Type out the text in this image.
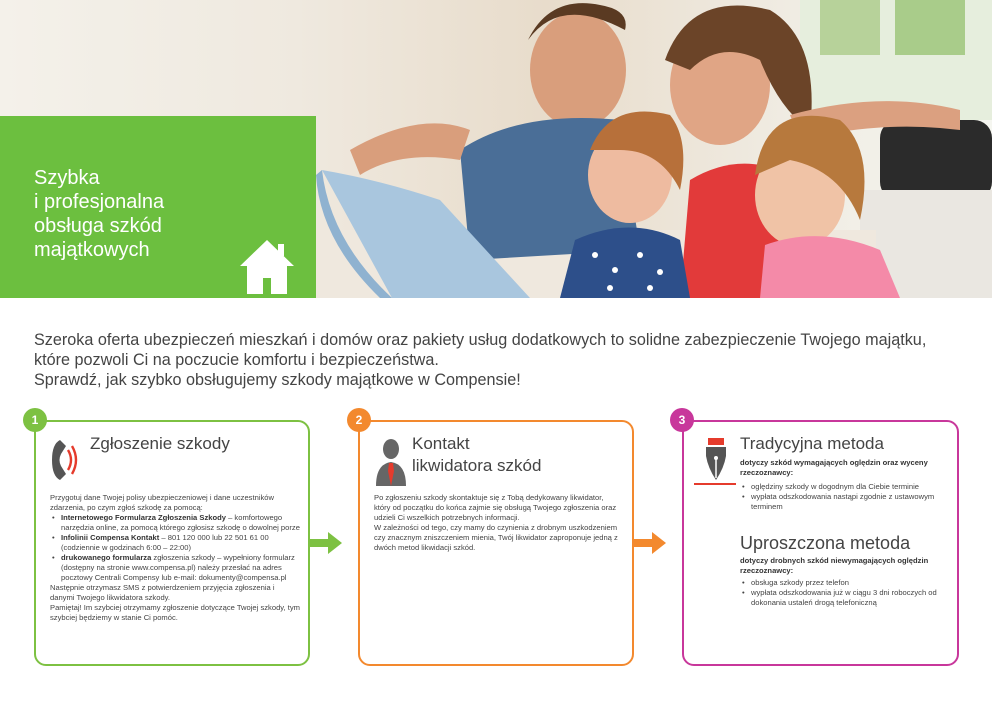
Szybka
i profesjonalna
obsługa szkód
majątkowych

Szeroka oferta ubezpieczeń mieszkań i domów oraz pakiety usług dodatkowych to solidne zabezpieczenie Twojego majątku,
które pozwoli Ci na poczucie komfortu i bezpieczeństwa.
Sprawdź, jak szybko obsługujemy szkody majątkowe w Compensie!

1
Zgłoszenie szkody
Przygotuj dane Twojej polisy ubezpieczeniowej i dane uczestników zdarzenia, po czym zgłoś szkodę za pomocą:
• Internetowego Formularza Zgłoszenia Szkody – komfortowego narzędzia online, za pomocą którego zgłosisz szkodę o dowolnej porze
• Infolinii Compensa Kontakt – 801 120 000 lub 22 501 61 00 (codziennie w godzinach 6:00 – 22:00)
• drukowanego formularza zgłoszenia szkody – wypełniony formularz (dostępny na stronie www.compensa.pl) należy przesłać na adres pocztowy Centrali Compensy lub e-mail: dokumenty@compensa.pl
Następnie otrzymasz SMS z potwierdzeniem przyjęcia zgłoszenia i danymi Twojego likwidatora szkody.
Pamiętaj! Im szybciej otrzymamy zgłoszenie dotyczące Twojej szkody, tym szybciej będziemy w stanie Ci pomóc.
2
Kontakt
likwidatora szkód
Po zgłoszeniu szkody skontaktuje się z Tobą dedykowany likwidator, który od początku do końca zajmie się obsługą Twojego zgłoszenia oraz udzieli Ci wszelkich potrzebnych informacji.
W zależności od tego, czy mamy do czynienia z drobnym uszkodzeniem czy znacznym zniszczeniem mienia, Twój likwidator zaproponuje jedną z dwóch metod likwidacji szkód.
3
Tradycyjna metoda

dotyczy szkód wymagających oględzin oraz wyceny rzeczoznawcy:

• oględziny szkody w dogodnym dla Ciebie terminie
• wypłata odszkodowania nastąpi zgodnie z ustawowym terminem
Uproszczona metoda

dotyczy drobnych szkód niewymagających oględzin rzeczoznawcy:

• obsługa szkody przez telefon
• wypłata odszkodowania już w ciągu 3 dni roboczych od dokonania ustaleń drogą telefoniczną
